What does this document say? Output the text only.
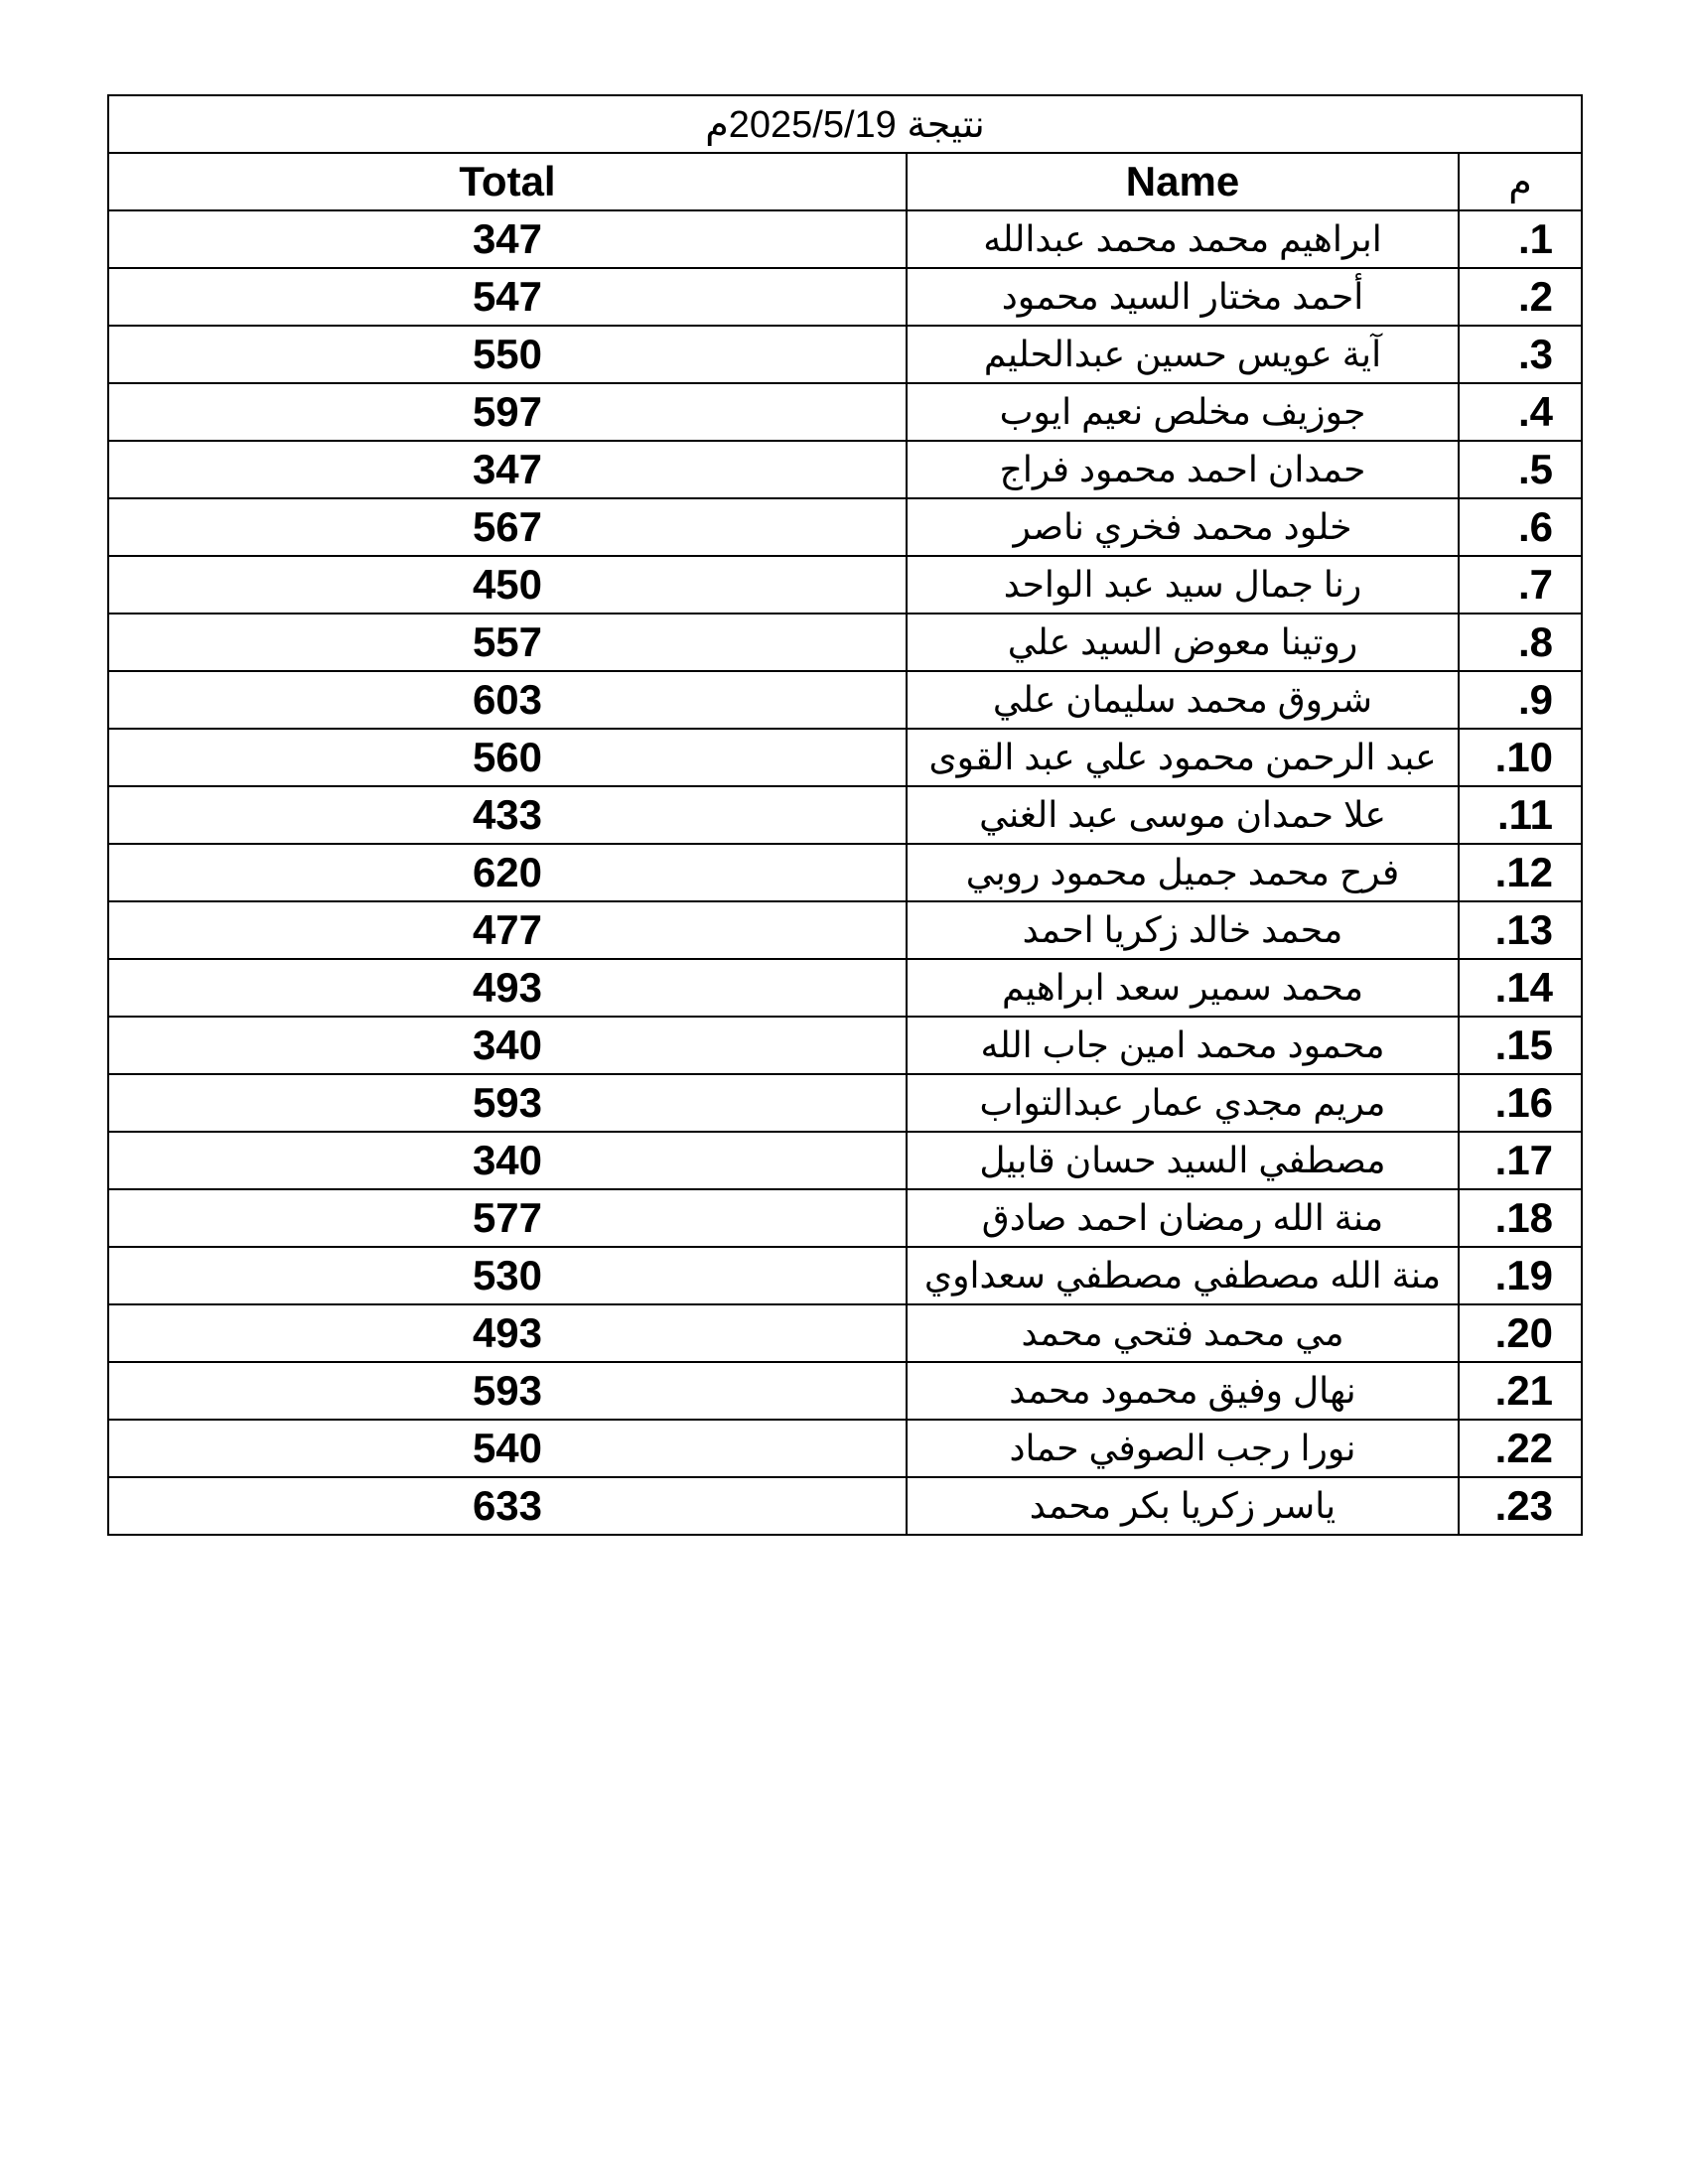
نتيجة 2025/5/19م		
Total	Name	م
347	ابراهيم محمد محمد عبدالله	1.
547	أحمد مختار السيد محمود	2.
550	آية عويس حسين عبدالحليم	3.
597	جوزيف مخلص نعيم ايوب	4.
347	حمدان احمد محمود فراج	5.
567	خلود محمد فخري ناصر	6.
450	رنا جمال سيد عبد الواحد	7.
557	روتينا معوض السيد علي	8.
603	شروق محمد سليمان علي	9.
560	عبد الرحمن محمود علي عبد القوى	10.
433	علا حمدان موسى عبد الغني	11.
620	فرح محمد جميل محمود روبي	12.
477	محمد خالد زكريا احمد	13.
493	محمد سمير سعد ابراهيم	14.
340	محمود محمد امين جاب الله	15.
593	مريم مجدي عمار عبدالتواب	16.
340	مصطفي السيد حسان قابيل	17.
577	منة الله رمضان احمد صادق	18.
530	منة الله مصطفي مصطفي سعداوي	19.
493	مي محمد فتحي محمد	20.
593	نهال وفيق محمود محمد	21.
540	نورا رجب الصوفي حماد	22.
633	ياسر زكريا بكر محمد	23.
